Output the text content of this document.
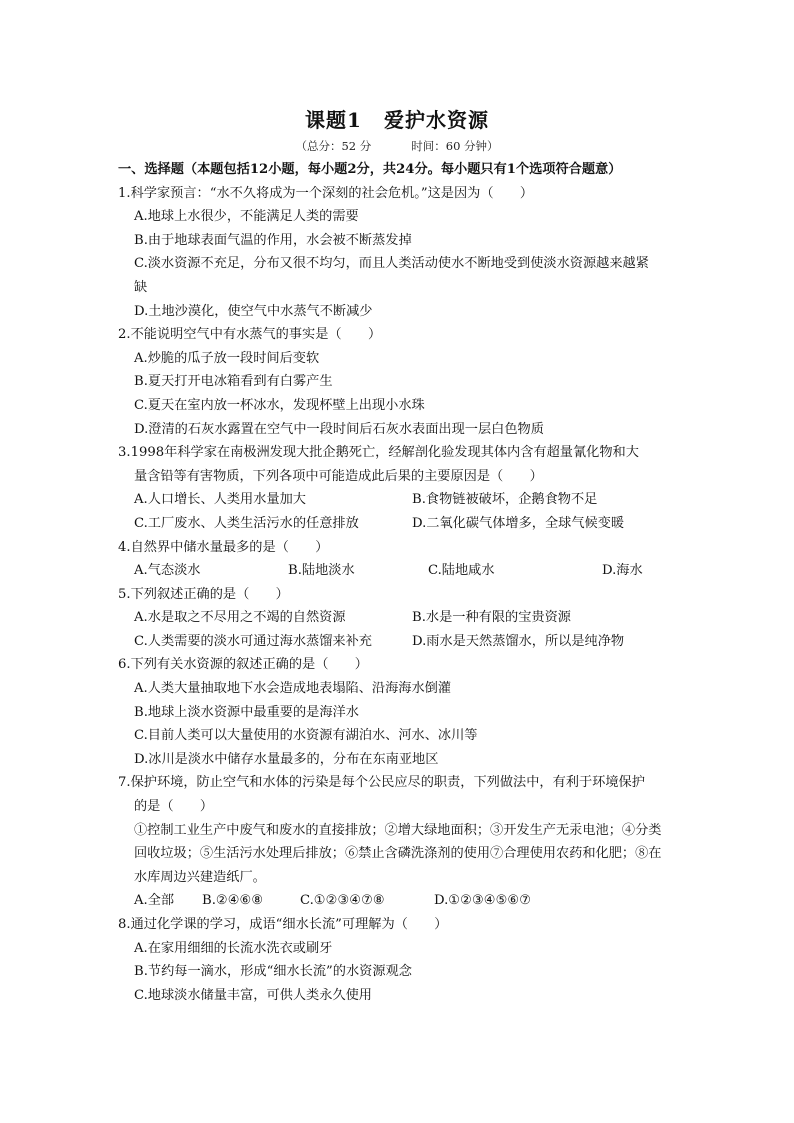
课题1 爱护水资源
（总分：52 分	时间：60 分钟）
一、选择题（本题包括12小题，每小题2分，共24分。每小题只有1个选项符合题意）
1.科学家预言：“水不久将成为一个深刻的社会危机。”这是因为（　　）
A.地球上水很少，不能满足人类的需要
B.由于地球表面气温的作用，水会被不断蒸发掉
C.淡水资源不充足，分布又很不均匀，而且人类活动使水不断地受到使淡水资源越来越紧
缺
D.土地沙漠化，使空气中水蒸气不断减少
2.不能说明空气中有水蒸气的事实是（　　）
A.炒脆的瓜子放一段时间后变软
B.夏天打开电冰箱看到有白雾产生
C.夏天在室内放一杯冰水，发现杯壁上出现小水珠
D.澄清的石灰水露置在空气中一段时间后石灰水表面出现一层白色物质
3.1998年科学家在南极洲发现大批企鹅死亡，经解剖化验发现其体内含有超量氰化物和大
量含铅等有害物质，下列各项中可能造成此后果的主要原因是（　　）
A.人口增长、人类用水量加大	B.食物链被破坏，企鹅食物不足
C.工厂废水、人类生活污水的任意排放	D.二氧化碳气体增多，全球气候变暖
4.自然界中储水量最多的是（　　）
A.气态淡水	B.陆地淡水	C.陆地咸水	D.海水
5.下列叙述正确的是（　　）
A.水是取之不尽用之不竭的自然资源	B.水是一种有限的宝贵资源
C.人类需要的淡水可通过海水蒸馏来补充	D.雨水是天然蒸馏水，所以是纯净物
6.下列有关水资源的叙述正确的是（　　）
A.人类大量抽取地下水会造成地表塌陷、沿海海水倒灌
B.地球上淡水资源中最重要的是海洋水
C.目前人类可以大量使用的水资源有湖泊水、河水、冰川等
D.冰川是淡水中储存水量最多的，分布在东南亚地区
7.保护环境，防止空气和水体的污染是每个公民应尽的职责，下列做法中，有利于环境保护
的是（　　）
①控制工业生产中废气和废水的直接排放；②增大绿地面积；③开发生产无汞电池；④分类
回收垃圾；⑤生活污水处理后排放；⑥禁止含磷洗涤剂的使用⑦合理使用农药和化肥；⑧在
水库周边兴建造纸厂。
A.全部	B.②④⑥⑧	C.①②③④⑦⑧	D.①②③④⑤⑥⑦
8.通过化学课的学习，成语“细水长流”可理解为（　　）
A.在家用细细的长流水洗衣或刷牙
B.节约每一滴水，形成“细水长流”的水资源观念
C.地球淡水储量丰富，可供人类永久使用
